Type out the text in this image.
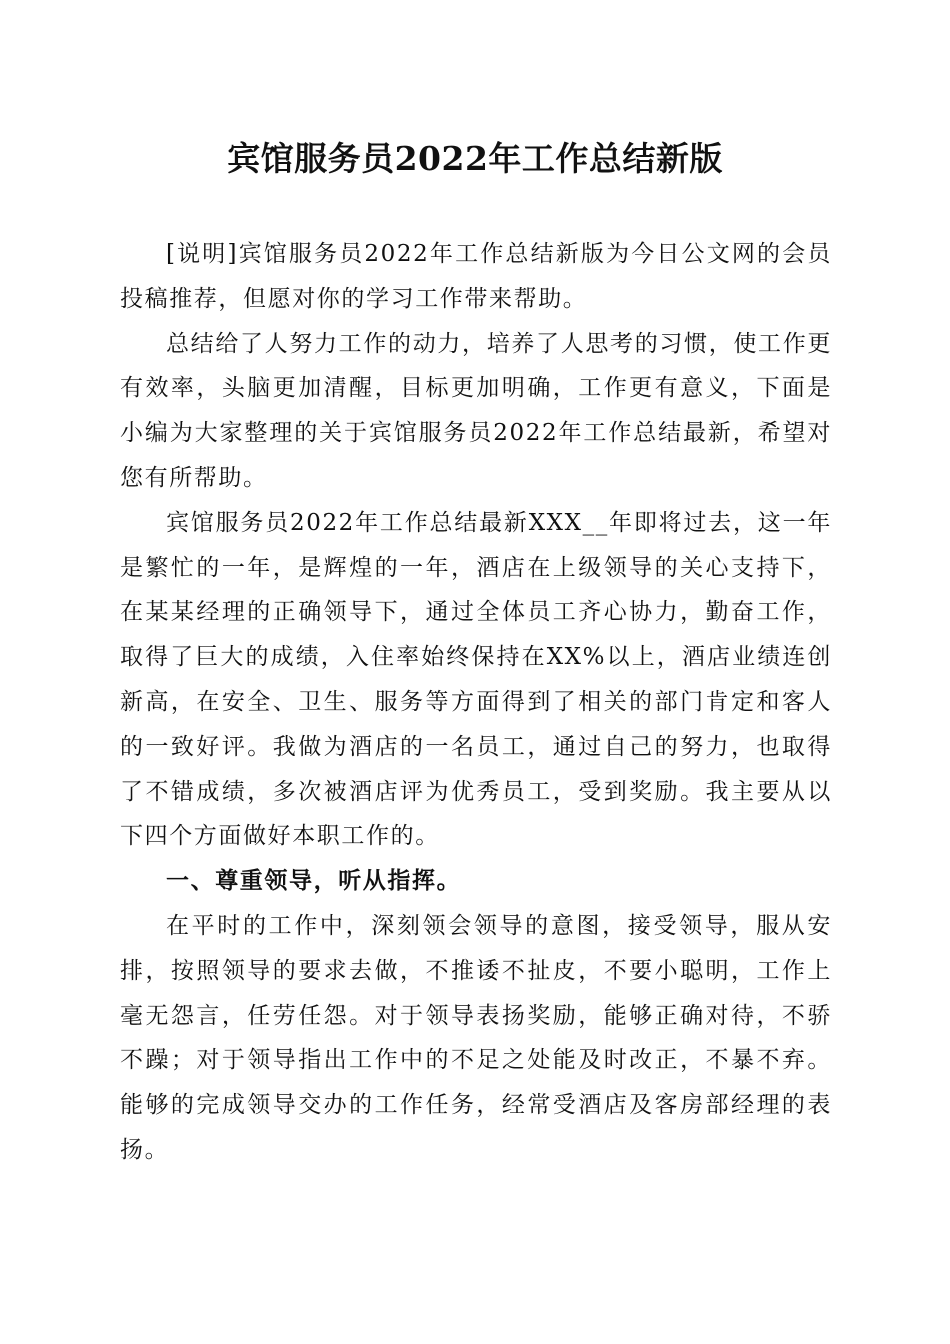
宾馆服务员2022年工作总结新版

[说明]宾馆服务员2022年工作总结新版为今日公文网的会员投稿推荐，但愿对你的学习工作带来帮助。

总结给了人努力工作的动力，培养了人思考的习惯，使工作更有效率，头脑更加清醒，目标更加明确，工作更有意义，下面是小编为大家整理的关于宾馆服务员2022年工作总结最新，希望对您有所帮助。

宾馆服务员2022年工作总结最新XXX__年即将过去，这一年是繁忙的一年，是辉煌的一年，酒店在上级领导的关心支持下，在某某经理的正确领导下，通过全体员工齐心协力，勤奋工作，取得了巨大的成绩，入住率始终保持在XX%以上，酒店业绩连创新高，在安全、卫生、服务等方面得到了相关的部门肯定和客人的一致好评。我做为酒店的一名员工，通过自己的努力，也取得了不错成绩，多次被酒店评为优秀员工，受到奖励。我主要从以下四个方面做好本职工作的。

一、尊重领导，听从指挥。

在平时的工作中，深刻领会领导的意图，接受领导，服从安排，按照领导的要求去做，不推诿不扯皮，不要小聪明，工作上毫无怨言，任劳任怨。对于领导表扬奖励，能够正确对待，不骄不躁；对于领导指出工作中的不足之处能及时改正，不暴不弃。能够的完成领导交办的工作任务，经常受酒店及客房部经理的表扬。
